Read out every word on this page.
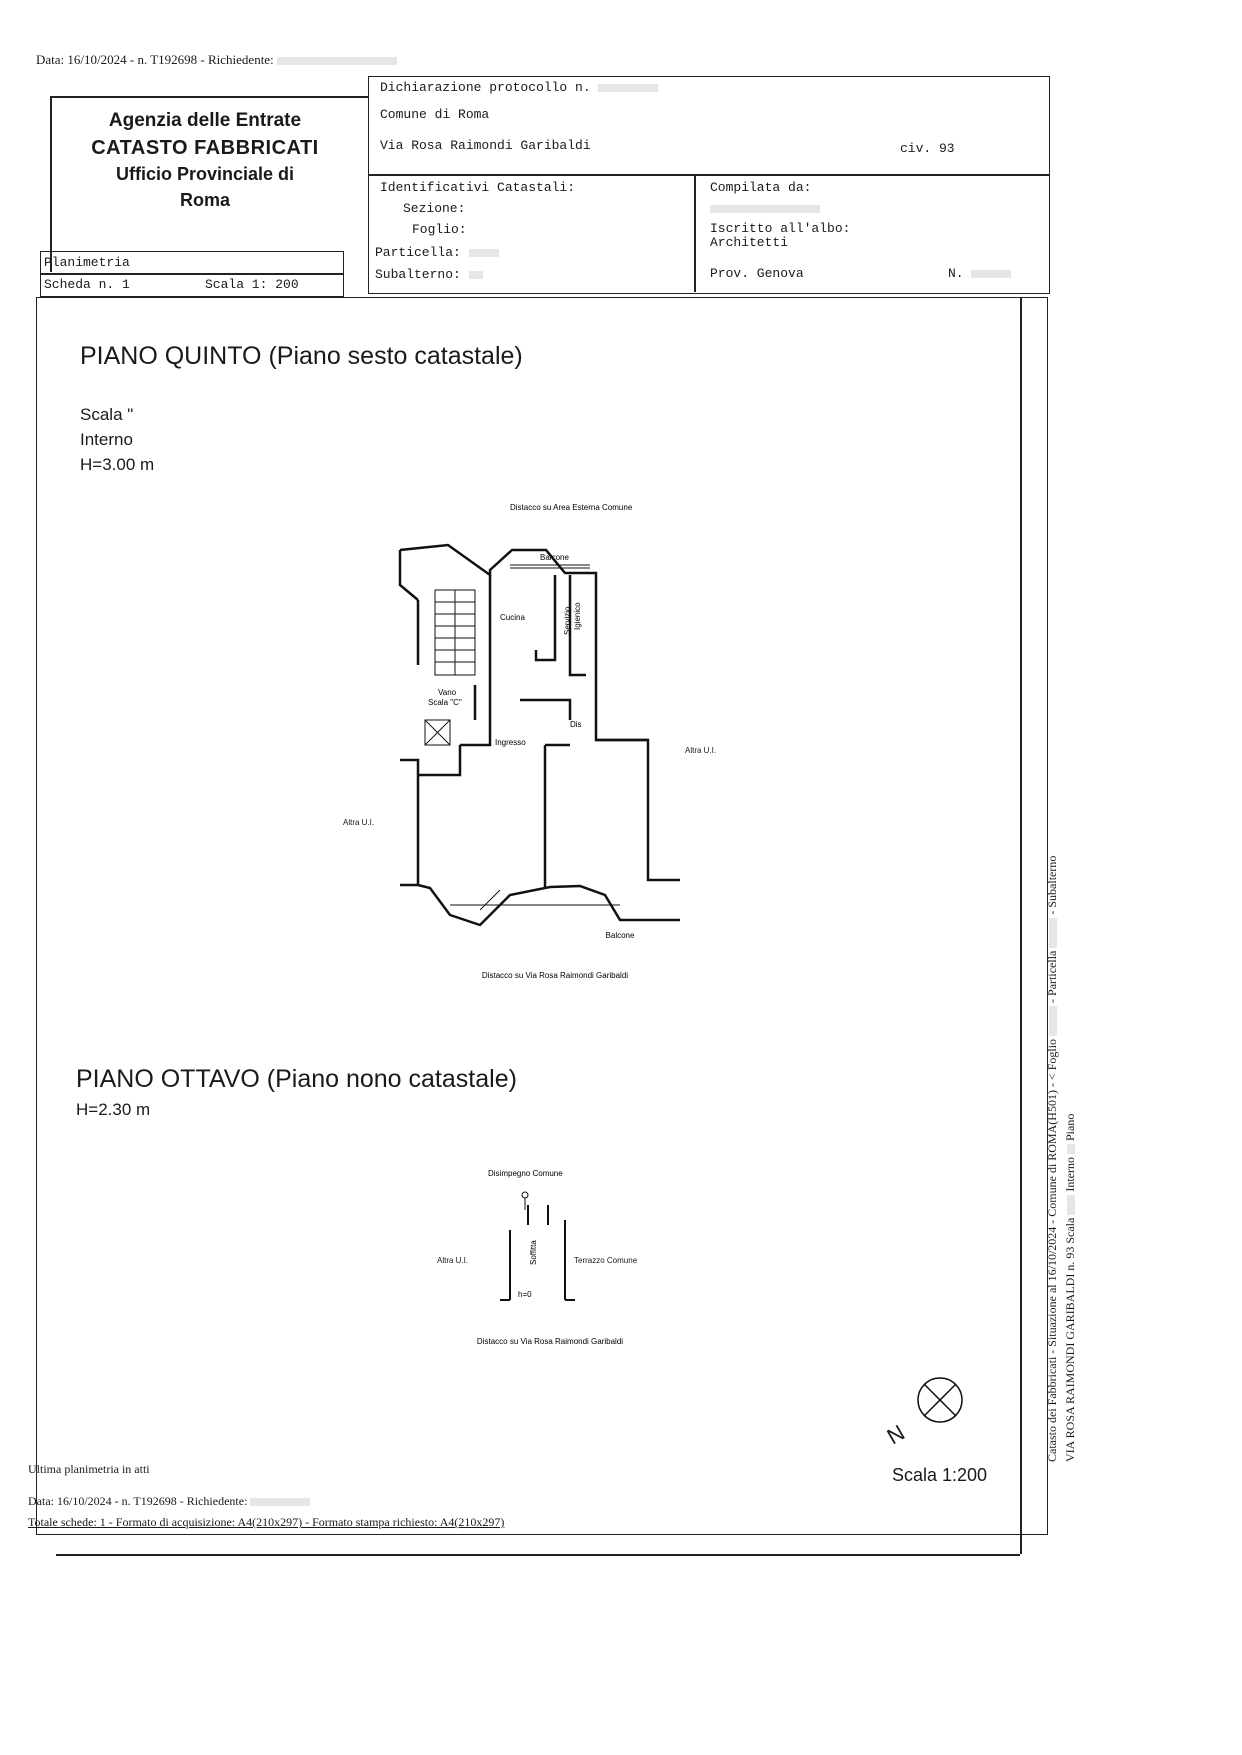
Data: 16/10/2024 - n. T192698 - Richiedente:
Agenzia delle Entrate
CATASTO FABBRICATI
Ufficio Provinciale di
Roma
Dichiarazione protocollo n.
Comune di Roma
Via Rosa Raimondi Garibaldi	civ. 93
Identificativi Catastali:
Sezione:
Foglio:
Particella:
Subalterno:
Compilata da:
Iscritto all'albo:
Architetti
Prov. Genova	N.
Planimetria
Scheda n. 1	Scala 1: 200
PIANO QUINTO (Piano sesto catastale)
Scala "
Interno
H=3.00 m
Distacco su Area Esterna Comune
Balcone
Cucina	Servizio Igienico
Vano
Scala "C"
Dis
Ingresso
Balcone
Distacco su Via Rosa Raimondi Garibaldi
Altra U.I.
Altra U.I.
PIANO OTTAVO (Piano nono catastale)
H=2.30 m
Disimpegno Comune
Soffitta
h=0
Distacco su Via Rosa Raimondi Garibaldi
Altra U.I.	Terrazzo Comune
N
Scala 1:200
Ultima planimetria in atti
Data: 16/10/2024 - n. T192698 - Richiedente:
Totale schede: 1 - Formato di acquisizione: A4(210x297) - Formato stampa richiesto: A4(210x297)
Catasto dei Fabbricati - Situazione al 16/10/2024 - Comune di ROMA(H501) - < Foglio  - Particella  - Subalterno
VIA ROSA RAIMONDI GARIBALDI n. 93 Scala  Interno  Piano
